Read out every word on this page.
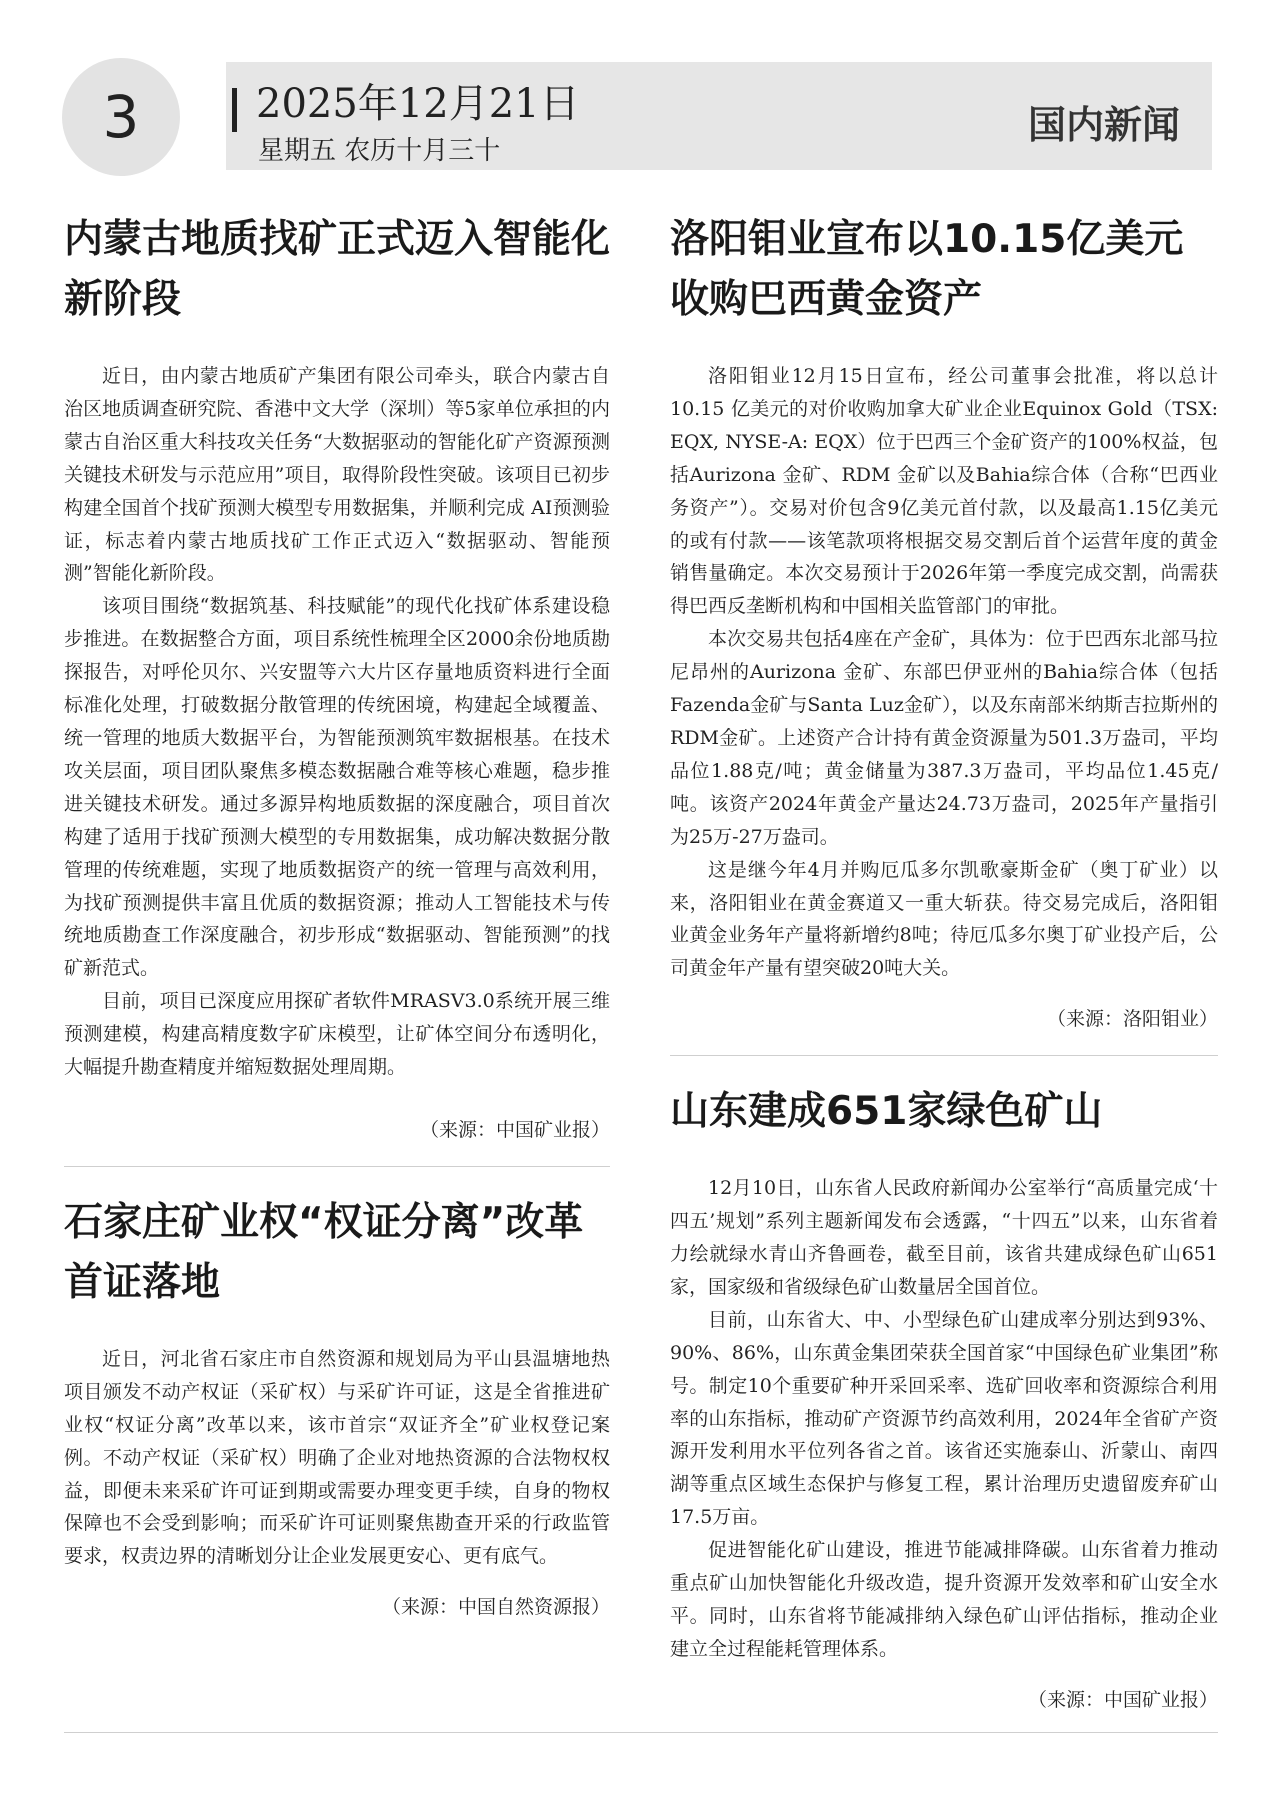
3	2025年12月21日
星期五 农历十月三十
国内新闻
内蒙古地质找矿正式迈入智能化新阶段

近日，由内蒙古地质矿产集团有限公司牵头，联合内蒙古自治区地质调查研究院、香港中文大学（深圳）等5家单位承担的内蒙古自治区重大科技攻关任务“大数据驱动的智能化矿产资源预测关键技术研发与示范应用”项目，取得阶段性突破。该项目已初步构建全国首个找矿预测大模型专用数据集，并顺利完成 AI预测验证，标志着内蒙古地质找矿工作正式迈入“数据驱动、智能预测”智能化新阶段。

该项目围绕“数据筑基、科技赋能”的现代化找矿体系建设稳步推进。在数据整合方面，项目系统性梳理全区2000余份地质勘探报告，对呼伦贝尔、兴安盟等六大片区存量地质资料进行全面标准化处理，打破数据分散管理的传统困境，构建起全域覆盖、统一管理的地质大数据平台，为智能预测筑牢数据根基。在技术攻关层面，项目团队聚焦多模态数据融合难等核心难题，稳步推进关键技术研发。通过多源异构地质数据的深度融合，项目首次构建了适用于找矿预测大模型的专用数据集，成功解决数据分散管理的传统难题，实现了地质数据资产的统一管理与高效利用，为找矿预测提供丰富且优质的数据资源；推动人工智能技术与传统地质勘查工作深度融合，初步形成“数据驱动、智能预测”的找矿新范式。

目前，项目已深度应用探矿者软件MRASV3.0系统开展三维预测建模，构建高精度数字矿床模型，让矿体空间分布透明化，大幅提升勘查精度并缩短数据处理周期。

（来源：中国矿业报）

石家庄矿业权“权证分离”改革首证落地

近日，河北省石家庄市自然资源和规划局为平山县温塘地热项目颁发不动产权证（采矿权）与采矿许可证，这是全省推进矿业权“权证分离”改革以来，该市首宗“双证齐全”矿业权登记案例。不动产权证（采矿权）明确了企业对地热资源的合法物权权益，即便未来采矿许可证到期或需要办理变更手续，自身的物权保障也不会受到影响；而采矿许可证则聚焦勘查开采的行政监管要求，权责边界的清晰划分让企业发展更安心、更有底气。

（来源：中国自然资源报）

洛阳钼业宣布以10.15亿美元收购巴西黄金资产

洛阳钼业12月15日宣布，经公司董事会批准，将以总计10.15 亿美元的对价收购加拿大矿业企业Equinox Gold（TSX: EQX, NYSE-A: EQX）位于巴西三个金矿资产的100%权益，包括Aurizona 金矿、RDM 金矿以及Bahia综合体（合称“巴西业务资产”）。交易对价包含9亿美元首付款，以及最高1.15亿美元的或有付款——该笔款项将根据交易交割后首个运营年度的黄金销售量确定。本次交易预计于2026年第一季度完成交割，尚需获得巴西反垄断机构和中国相关监管部门的审批。

本次交易共包括4座在产金矿，具体为：位于巴西东北部马拉尼昂州的Aurizona 金矿、东部巴伊亚州的Bahia综合体（包括Fazenda金矿与Santa Luz金矿），以及东南部米纳斯吉拉斯州的RDM金矿。上述资产合计持有黄金资源量为501.3万盎司，平均品位1.88克/吨；黄金储量为387.3万盎司，平均品位1.45克/吨。该资产2024年黄金产量达24.73万盎司，2025年产量指引为25万-27万盎司。

这是继今年4月并购厄瓜多尔凯歌豪斯金矿（奥丁矿业）以来，洛阳钼业在黄金赛道又一重大斩获。待交易完成后，洛阳钼业黄金业务年产量将新增约8吨；待厄瓜多尔奥丁矿业投产后，公司黄金年产量有望突破20吨大关。

（来源：洛阳钼业）

山东建成651家绿色矿山

12月10日，山东省人民政府新闻办公室举行“高质量完成‘十四五’规划”系列主题新闻发布会透露，“十四五”以来，山东省着力绘就绿水青山齐鲁画卷，截至目前，该省共建成绿色矿山651家，国家级和省级绿色矿山数量居全国首位。

目前，山东省大、中、小型绿色矿山建成率分别达到93%、90%、86%，山东黄金集团荣获全国首家“中国绿色矿业集团”称号。制定10个重要矿种开采回采率、选矿回收率和资源综合利用率的山东指标，推动矿产资源节约高效利用，2024年全省矿产资源开发利用水平位列各省之首。该省还实施泰山、沂蒙山、南四湖等重点区域生态保护与修复工程，累计治理历史遗留废弃矿山17.5万亩。

促进智能化矿山建设，推进节能减排降碳。山东省着力推动重点矿山加快智能化升级改造，提升资源开发效率和矿山安全水平。同时，山东省将节能减排纳入绿色矿山评估指标，推动企业建立全过程能耗管理体系。

（来源：中国矿业报）
